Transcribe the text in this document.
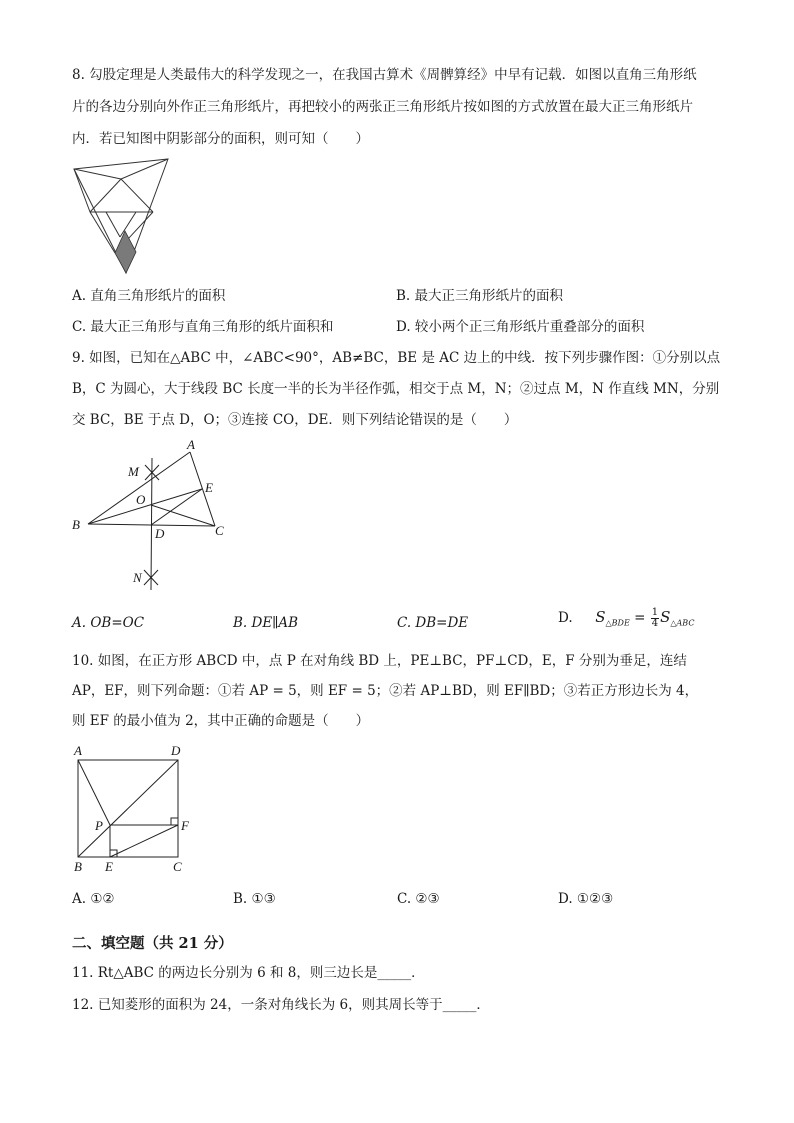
8. 勾股定理是人类最伟大的科学发现之一，在我国古算术《周髀算经》中早有记载．如图以直角三角形纸
片的各边分别向外作正三角形纸片，再把较小的两张正三角形纸片按如图的方式放置在最大正三角形纸片
内．若已知图中阴影部分的面积，则可知（　　）
A. 直角三角形纸片的面积	B. 最大正三角形纸片的面积
C. 最大正三角形与直角三角形的纸片面积和	D. 较小两个正三角形纸片重叠部分的面积
9. 如图，已知在△ABC 中，∠ABC<90°，AB≠BC，BE 是 AC 边上的中线．按下列步骤作图：①分别以点
B，C 为圆心，大于线段 BC 长度一半的长为半径作弧，相交于点 M，N；②过点 M，N 作直线 MN，分别
交 BC，BE 于点 D，O；③连接 CO，DE．则下列结论错误的是（　　）
A
B	C
D
E
M
N
O
A. OB=OC	B. DE∥AB	C. DB=DE	D. $S_{\triangle BDE} = \frac{1}{4} S_{\triangle ABC}$
10. 如图，在正方形 ABCD 中，点 P 在对角线 BD 上，PE⊥BC，PF⊥CD，E，F 分别为垂足，连结
AP，EF，则下列命题：①若 AP = 5，则 EF = 5；②若 AP⊥BD，则 EF∥BD；③若正方形边长为 4，
则 EF 的最小值为 2，其中正确的命题是（　　）
A
B	C
D
E
F
P
A. ①②	B. ①③	C. ②③	D. ①②③
二、填空题（共 21 分）
11. Rt△ABC 的两边长分别为 6 和 8，则三边长是_____．
12. 已知菱形的面积为 24，一条对角线长为 6，则其周长等于_____．
